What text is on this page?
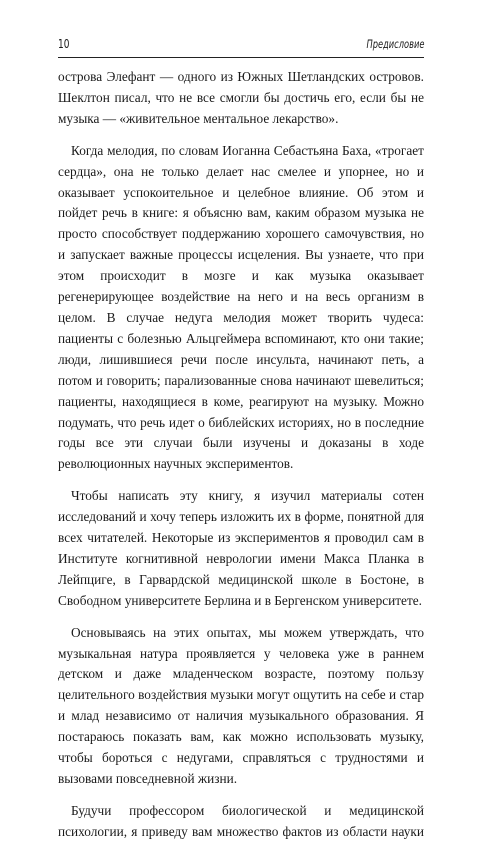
10	Предисловие

острова Элефант — одного из Южных Шетландских островов. Шеклтон писал, что не все смогли бы достичь его, если бы не музыка — «живительное ментальное лекарство».

Когда мелодия, по словам Иоганна Себастьяна Баха, «трогает сердца», она не только делает нас смелее и упорнее, но и оказывает успокоительное и целебное влияние. Об этом и пойдет речь в книге: я объясню вам, каким образом музыка не просто способствует поддержанию хорошего самочувствия, но и запускает важные процессы исцеления. Вы узнаете, что при этом происходит в мозге и как музыка оказывает регенерирующее воздействие на него и на весь организм в целом. В случае недуга мелодия может творить чудеса: пациенты с болезнью Альцгеймера вспоминают, кто они такие; люди, лишившиеся речи после инсульта, начинают петь, а потом и говорить; парализованные снова начинают шевелиться; пациенты, находящиеся в коме, реагируют на музыку. Можно подумать, что речь идет о библейских историях, но в последние годы все эти случаи были изучены и доказаны в ходе революционных научных экспериментов.

Чтобы написать эту книгу, я изучил материалы сотен исследований и хочу теперь изложить их в форме, понятной для всех читателей. Некоторые из экспериментов я проводил сам в Институте когнитивной неврологии имени Макса Планка в Лейпциге, в Гарвардской медицинской школе в Бостоне, в Свободном университете Берлина и в Бергенском университете.

Основываясь на этих опытах, мы можем утверждать, что музыкальная натура проявляется у человека уже в раннем детском и даже младенческом возрасте, поэтому пользу целительного воздействия музыки могут ощутить на себе и стар и млад независимо от наличия музыкального образования. Я постараюсь показать вам, как можно использовать музыку, чтобы бороться с недугами, справляться с трудностями и вызовами повседневной жизни.

Будучи профессором биологической и медицинской психологии, я приведу вам множество фактов из области науки
